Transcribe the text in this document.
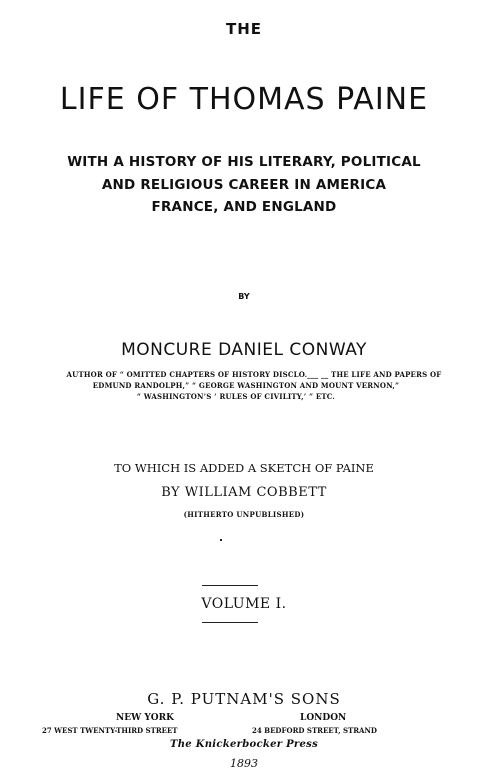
THE
LIFE OF THOMAS PAINE
WITH A HISTORY OF HIS LITERARY, POLITICAL
AND RELIGIOUS CAREER IN AMERICA
FRANCE, AND ENGLAND
BY
MONCURE DANIEL CONWAY
AUTHOR OF “ OMITTED CHAPTERS OF HISTORY DISCLO.___ __ THE LIFE AND PAPERS OF
EDMUND RANDOLPH,” “ GEORGE WASHINGTON AND MOUNT VERNON,”
“ WASHINGTON’S ‘ RULES OF CIVILITY,’ ” ETC.
TO WHICH IS ADDED A SKETCH OF PAINE
BY WILLIAM COBBETT
(HITHERTO UNPUBLISHED)
VOLUME I.
G. P. PUTNAM'S SONS
NEW YORK	LONDON
27 WEST TWENTY-THIRD STREET	24 BEDFORD STREET, STRAND
The Knickerbocker Press
1893
